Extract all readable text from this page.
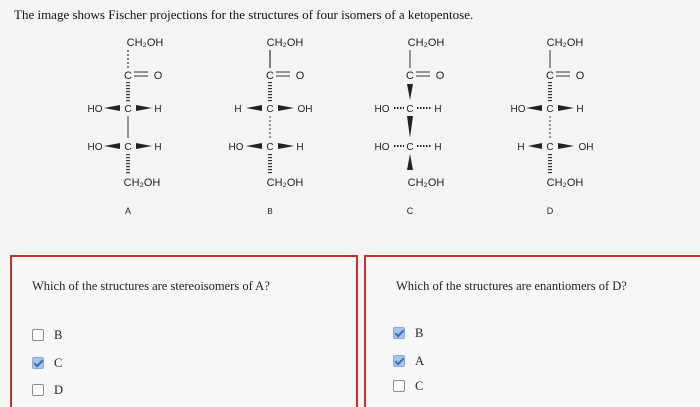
The image shows Fischer projections for the structures of four isomers of a ketopentose.
CH₂OH
C O
HO C H
HO C H
CH₂OH
A
CH₂OH
C O
H C OH
HO C H
CH₂OH
B
CH₂OH
C O
HO C H
HO C H
CH₂OH
C
CH₂OH
C O
HO C H
H C OH
CH₂OH
D
Which of the structures are stereoisomers of A?
B
C
D
Which of the structures are enantiomers of D?
B
A
C
